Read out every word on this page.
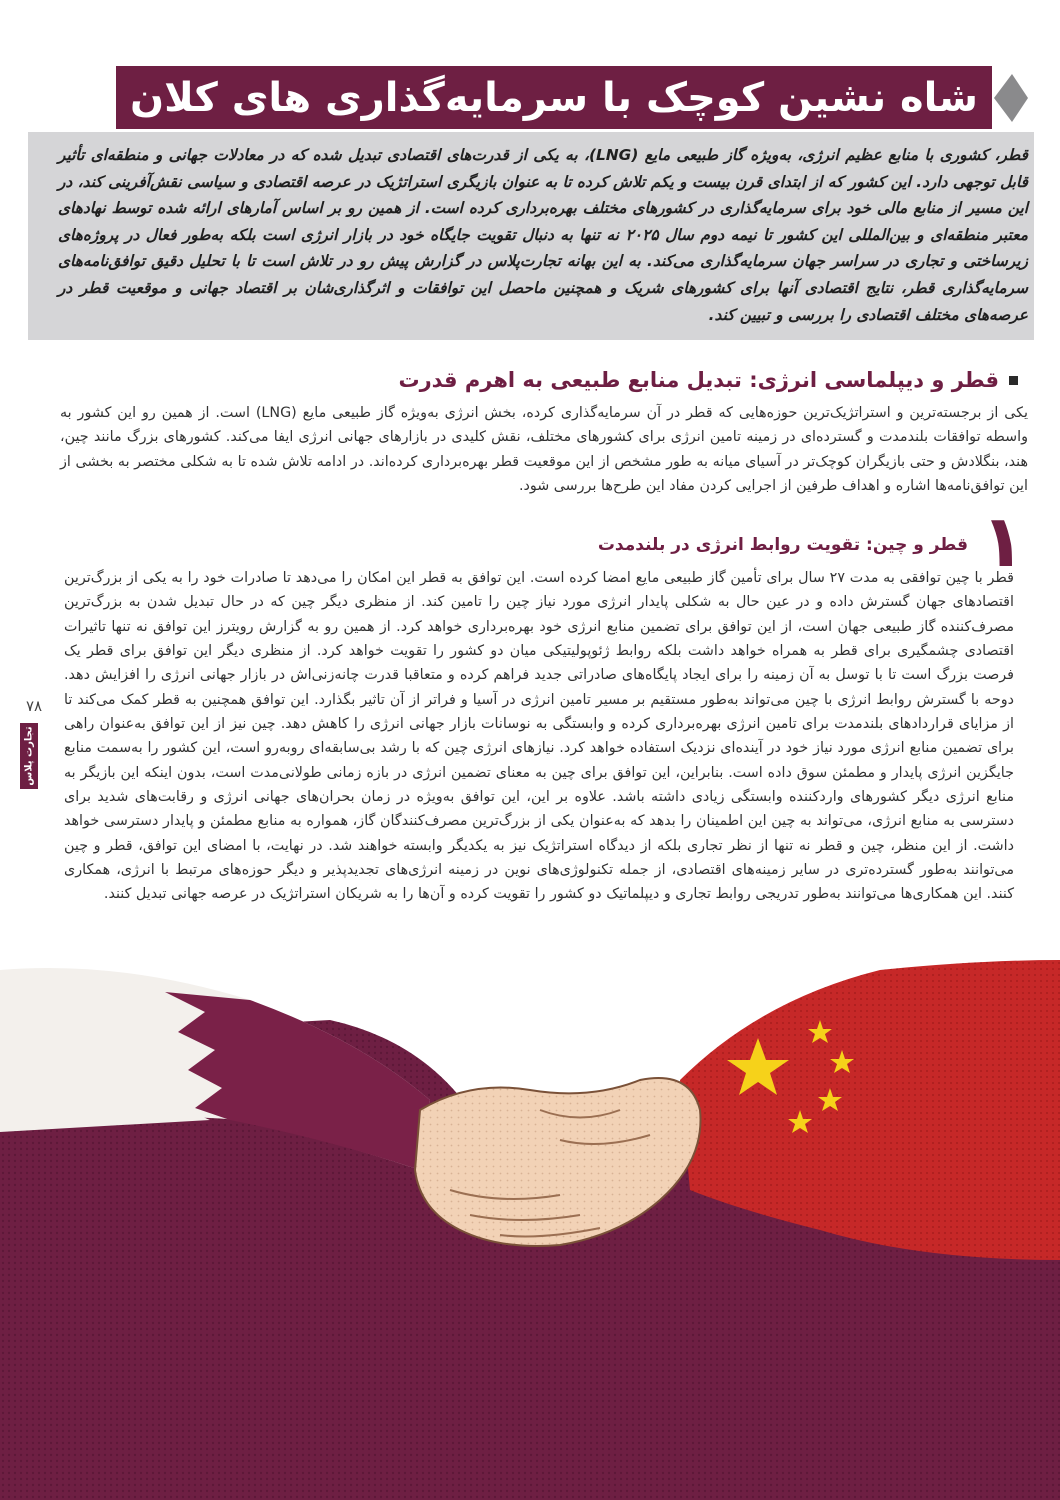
شاه نشین کوچک با سرمایه‌گذاری های کلان
قطر، کشوری با منابع عظیم انرژی، به‌ویژه گاز طبیعی مایع (LNG)، به یکی از قدرت‌های اقتصادی تبدیل شده که در معادلات جهانی و منطقه‌ای تأثیر قابل توجهی دارد. این کشور که از ابتدای قرن بیست و یکم تلاش کرده تا به عنوان بازیگری استراتژیک در عرصه اقتصادی و سیاسی نقش‌آفرینی کند، در این مسیر از منابع مالی خود برای سرمایه‌گذاری در کشورهای مختلف بهره‌برداری کرده است. از همین رو بر اساس آمارهای ارائه شده توسط نهادهای معتبر منطقه‌ای و بین‌المللی این کشور تا نیمه دوم سال ۲۰۲۵ نه تنها به دنبال تقویت جایگاه خود در بازار انرژی است بلکه به‌طور فعال در پروژه‌های زیرساختی و تجاری در سراسر جهان سرمایه‌گذاری می‌کند. به این بهانه تجارت‌پلاس در گزارش پیش رو در تلاش است تا با تحلیل دقیق توافق‌نامه‌های سرمایه‌گذاری قطر، نتایج اقتصادی آنها برای کشورهای شریک و همچنین ماحصل این توافقات و اثرگذاری‌شان بر اقتصاد جهانی و موقعیت قطر در عرصه‌های مختلف اقتصادی را بررسی و تبیین کند.
قطر و دیپلماسی انرژی: تبدیل منابع طبیعی به اهرم قدرت
یکی از برجسته‌ترین و استراتژیک‌ترین حوزه‌هایی که قطر در آن سرمایه‌گذاری کرده، بخش انرژی به‌ویژه گاز طبیعی مایع (LNG) است. از همین رو این کشور به واسطه توافقات بلندمدت و گسترده‌ای در زمینه تامین انرژی برای کشورهای مختلف، نقش کلیدی در بازارهای جهانی انرژی ایفا می‌کند. کشورهای بزرگ مانند چین، هند، بنگلادش و حتی بازیگران کوچک‌تر در آسیای میانه به طور مشخص از این موقعیت قطر بهره‌برداری کرده‌اند. در ادامه تلاش شده تا به شکلی مختصر به بخشی از این توافق‌نامه‌ها اشاره و اهداف طرفین از اجرایی کردن مفاد این طرح‌ها بررسی شود.
۱
قطر و چین: تقویت روابط انرژی در بلندمدت
قطر با چین توافقی به مدت ۲۷ سال برای تأمین گاز طبیعی مایع امضا کرده است. این توافق به قطر این امکان را می‌دهد تا صادرات خود را به یکی از بزرگ‌ترین اقتصادهای جهان گسترش داده و در عین حال به شکلی پایدار انرژی مورد نیاز چین را تامین کند. از منظری دیگر چین که در حال تبدیل شدن به بزرگ‌ترین مصرف‌کننده گاز طبیعی جهان است، از این توافق برای تضمین منابع انرژی خود بهره‌برداری خواهد کرد. از همین رو به گزارش رویترز این توافق نه تنها تاثیرات اقتصادی چشمگیری برای قطر به همراه خواهد داشت بلکه روابط ژئوپولیتیکی میان دو کشور را تقویت خواهد کرد. از منظری دیگر این توافق برای قطر یک فرصت بزرگ است تا با توسل به آن زمینه را برای ایجاد پایگاه‌های صادراتی جدید فراهم کرده و متعاقبا قدرت چانه‌زنی‌اش در بازار جهانی انرژی را افزایش دهد. دوحه با گسترش روابط انرژی با چین می‌تواند به‌طور مستقیم بر مسیر تامین انرژی در آسیا و فراتر از آن تاثیر بگذارد. این توافق همچنین به قطر کمک می‌کند تا از مزایای قراردادهای بلندمدت برای تامین انرژی بهره‌برداری کرده و وابستگی به نوسانات بازار جهانی انرژی را کاهش دهد. چین نیز از این توافق به‌عنوان راهی برای تضمین منابع انرژی مورد نیاز خود در آینده‌ای نزدیک استفاده خواهد کرد. نیازهای انرژی چین که با رشد بی‌سابقه‌ای روبه‌رو است، این کشور را به‌سمت منابع جایگزین انرژی پایدار و مطمئن سوق داده است. بنابراین، این توافق برای چین به معنای تضمین انرژی در بازه زمانی طولانی‌مدت است، بدون اینکه این بازیگر به منابع انرژی دیگر کشورهای واردکننده وابستگی زیادی داشته باشد. علاوه بر این، این توافق به‌ویژه در زمان بحران‌های جهانی انرژی و رقابت‌های شدید برای دسترسی به منابع انرژی، می‌تواند به چین این اطمینان را بدهد که به‌عنوان یکی از بزرگ‌ترین مصرف‌کنندگان گاز، همواره به منابع مطمئن و پایدار دسترسی خواهد داشت. از این منظر، چین و قطر نه تنها از نظر تجاری بلکه از دیدگاه استراتژیک نیز به یکدیگر وابسته خواهند شد. در نهایت، با امضای این توافق، قطر و چین می‌توانند به‌طور گسترده‌تری در سایر زمینه‌های اقتصادی، از جمله تکنولوژی‌های نوین در زمینه انرژی‌های تجدیدپذیر و دیگر حوزه‌های مرتبط با انرژی، همکاری کنند. این همکاری‌ها می‌توانند به‌طور تدریجی روابط تجاری و دیپلماتیک دو کشور را تقویت کرده و آن‌ها را به شریکان استراتژیک در عرصه جهانی تبدیل کنند.
۷۸
تجارت پلاس
